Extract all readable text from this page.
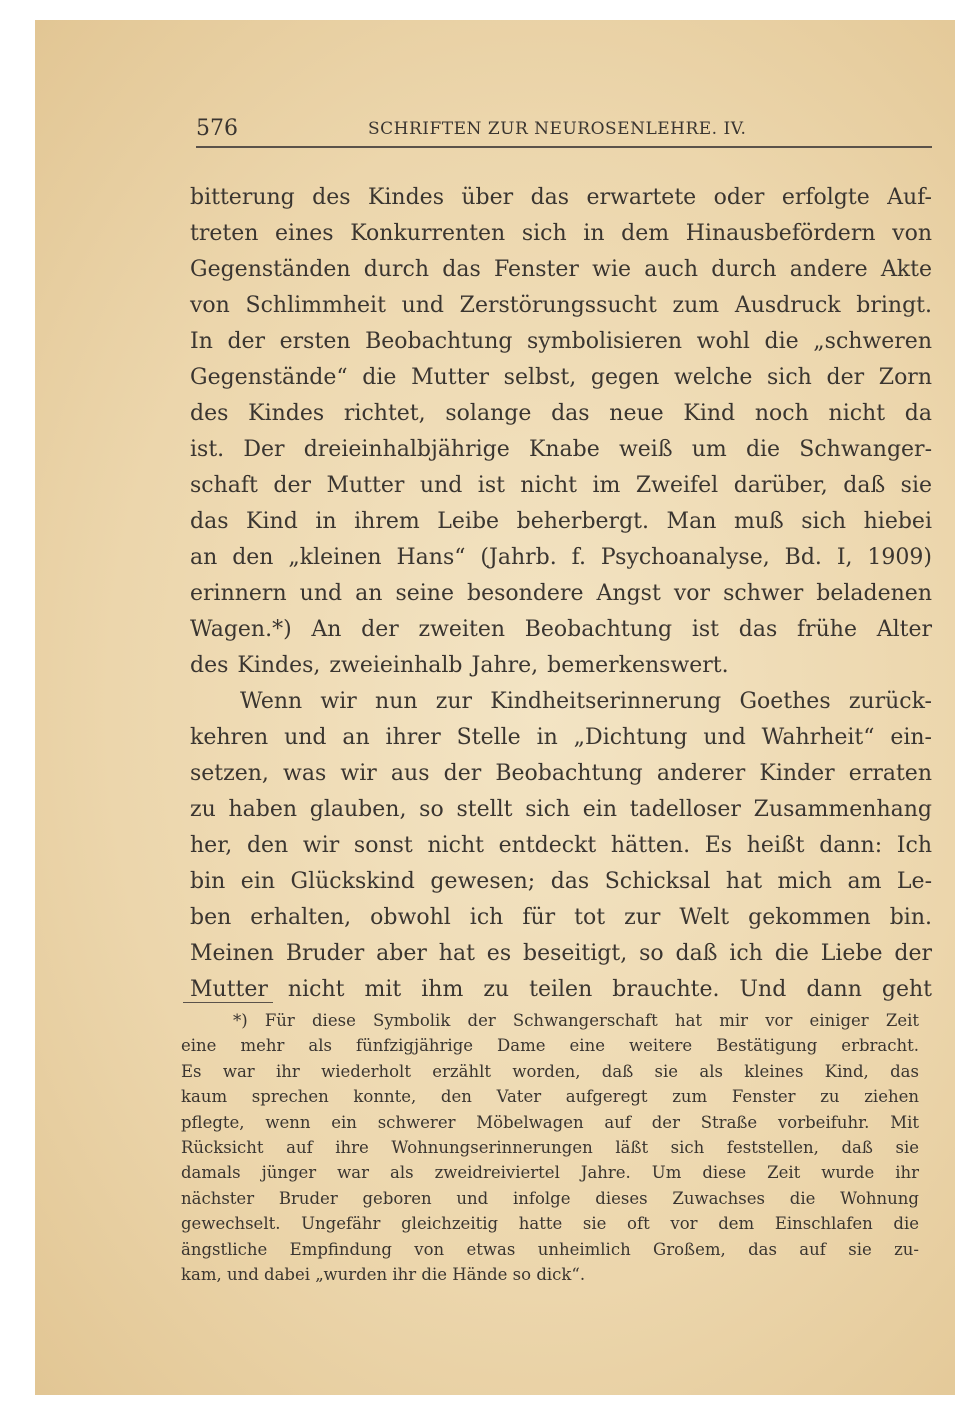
576	SCHRIFTEN ZUR NEUROSENLEHRE. IV.
bitterung des Kindes über das erwartete oder erfolgte Auf-
treten eines Konkurrenten sich in dem Hinausbefördern von
Gegenständen durch das Fenster wie auch durch andere Akte
von Schlimmheit und Zerstörungssucht zum Ausdruck bringt.
In der ersten Beobachtung symbolisieren wohl die „schweren
Gegenstände“ die Mutter selbst, gegen welche sich der Zorn
des Kindes richtet, solange das neue Kind noch nicht da
ist. Der dreieinhalbjährige Knabe weiß um die Schwanger-
schaft der Mutter und ist nicht im Zweifel darüber, daß sie
das Kind in ihrem Leibe beherbergt. Man muß sich hiebei
an den „kleinen Hans“ (Jahrb. f. Psychoanalyse, Bd. I, 1909)
erinnern und an seine besondere Angst vor schwer beladenen
Wagen.*) An der zweiten Beobachtung ist das frühe Alter
des Kindes, zweieinhalb Jahre, bemerkenswert.
Wenn wir nun zur Kindheitserinnerung Goethes zurück-
kehren und an ihrer Stelle in „Dichtung und Wahrheit“ ein-
setzen, was wir aus der Beobachtung anderer Kinder erraten
zu haben glauben, so stellt sich ein tadelloser Zusammenhang
her, den wir sonst nicht entdeckt hätten. Es heißt dann: Ich
bin ein Glückskind gewesen; das Schicksal hat mich am Le-
ben erhalten, obwohl ich für tot zur Welt gekommen bin.
Meinen Bruder aber hat es beseitigt, so daß ich die Liebe der
Mutter nicht mit ihm zu teilen brauchte. Und dann geht
*) Für diese Symbolik der Schwangerschaft hat mir vor einiger Zeit
eine mehr als fünfzigjährige Dame eine weitere Bestätigung erbracht.
Es war ihr wiederholt erzählt worden, daß sie als kleines Kind, das
kaum sprechen konnte, den Vater aufgeregt zum Fenster zu ziehen
pflegte, wenn ein schwerer Möbelwagen auf der Straße vorbeifuhr. Mit
Rücksicht auf ihre Wohnungserinnerungen läßt sich feststellen, daß sie
damals jünger war als zweidreiviertel Jahre. Um diese Zeit wurde ihr
nächster Bruder geboren und infolge dieses Zuwachses die Wohnung
gewechselt. Ungefähr gleichzeitig hatte sie oft vor dem Einschlafen die
ängstliche Empfindung von etwas unheimlich Großem, das auf sie zu-
kam, und dabei „wurden ihr die Hände so dick“.
